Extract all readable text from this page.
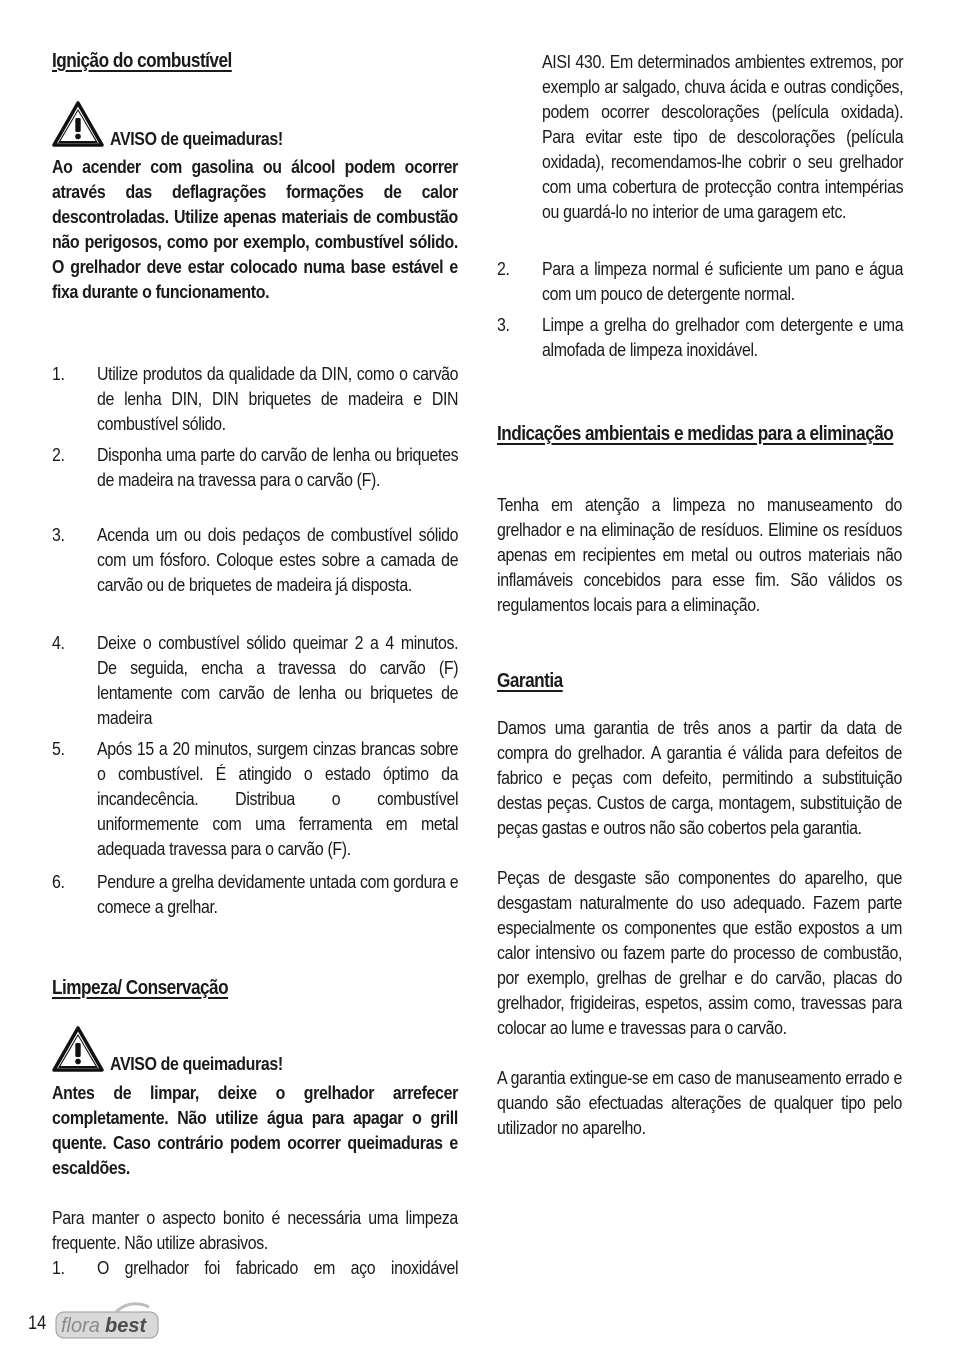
Ignição do combustível
AVISO de queimaduras!
Ao acender com gasolina ou álcool podem ocorrer através das deflagrações formações de calor descontroladas. Utilize apenas materiais de combustão não perigosos, como por exemplo, combustível sólido. O grelhador deve estar colocado numa base estável e fixa durante o funcionamento.
1.	Utilize produtos da qualidade da DIN, como o carvão de lenha DIN, DIN briquetes de madeira e DIN combustível sólido.
2.	Disponha uma parte do carvão de lenha ou briquetes de madeira na travessa para o carvão (F).
3.	Acenda um ou dois pedaços de combustível sólido com um fósforo. Coloque estes sobre a camada de carvão ou de briquetes de madeira já disposta.
4.	Deixe o combustível sólido queimar 2 a 4 minutos. De seguida, encha a travessa do carvão (F) lentamente com carvão de lenha ou briquetes de madeira
5.	Após 15 a 20 minutos, surgem cinzas brancas sobre o combustível. É atingido o estado óptimo da incandecência. Distribua o combustível uniformemente com uma ferramenta em metal adequada travessa para o carvão (F).
6.	Pendure a grelha devidamente untada com gordura e comece a grelhar.
Limpeza/ Conservação
AVISO de queimaduras!
Antes de limpar, deixe o grelhador arrefecer completamente. Não utilize água para apagar o grill quente. Caso contrário podem ocorrer queimaduras e escaldões.
Para manter o aspecto bonito é necessária uma limpeza frequente. Não utilize abrasivos.
1.	O grelhador foi fabricado em aço inoxidável
AISI 430. Em determinados ambientes extremos, por exemplo ar salgado, chuva ácida e outras condições, podem ocorrer descolorações (película oxidada). Para evitar este tipo de descolorações (película oxidada), recomendamos-lhe cobrir o seu grelhador com uma cobertura de protecção contra intempérias ou guardá-lo no interior de uma garagem etc.
2.	Para a limpeza normal é suficiente um pano e água com um pouco de detergente normal.
3.	Limpe a grelha do grelhador com detergente e uma almofada de limpeza inoxidável.
Indicações ambientais e medidas para a eliminação
Tenha em atenção a limpeza no manuseamento do grelhador e na eliminação de resíduos. Elimine os resíduos apenas em recipientes em metal ou outros materiais não inflamáveis concebidos para esse fim. São válidos os regulamentos locais para a eliminação.
Garantia
Damos uma garantia de três anos a partir da data de compra do grelhador. A garantia é válida para defeitos de fabrico e peças com defeito, permitindo a substituição destas peças. Custos de carga, montagem, substituição de peças gastas e outros não são cobertos pela garantia.
Peças de desgaste são componentes do aparelho, que desgastam naturalmente do uso adequado. Fazem parte especialmente os componentes que estão expostos a um calor intensivo ou fazem parte do processo de combustão, por exemplo, grelhas de grelhar e do carvão, placas do grelhador, frigideiras, espetos, assim como, travessas para colocar ao lume e travessas para o carvão.
A garantia extingue-se em caso de manuseamento errado e quando são efectuadas alterações de qualquer tipo pelo utilizador no aparelho.
14 flora best
